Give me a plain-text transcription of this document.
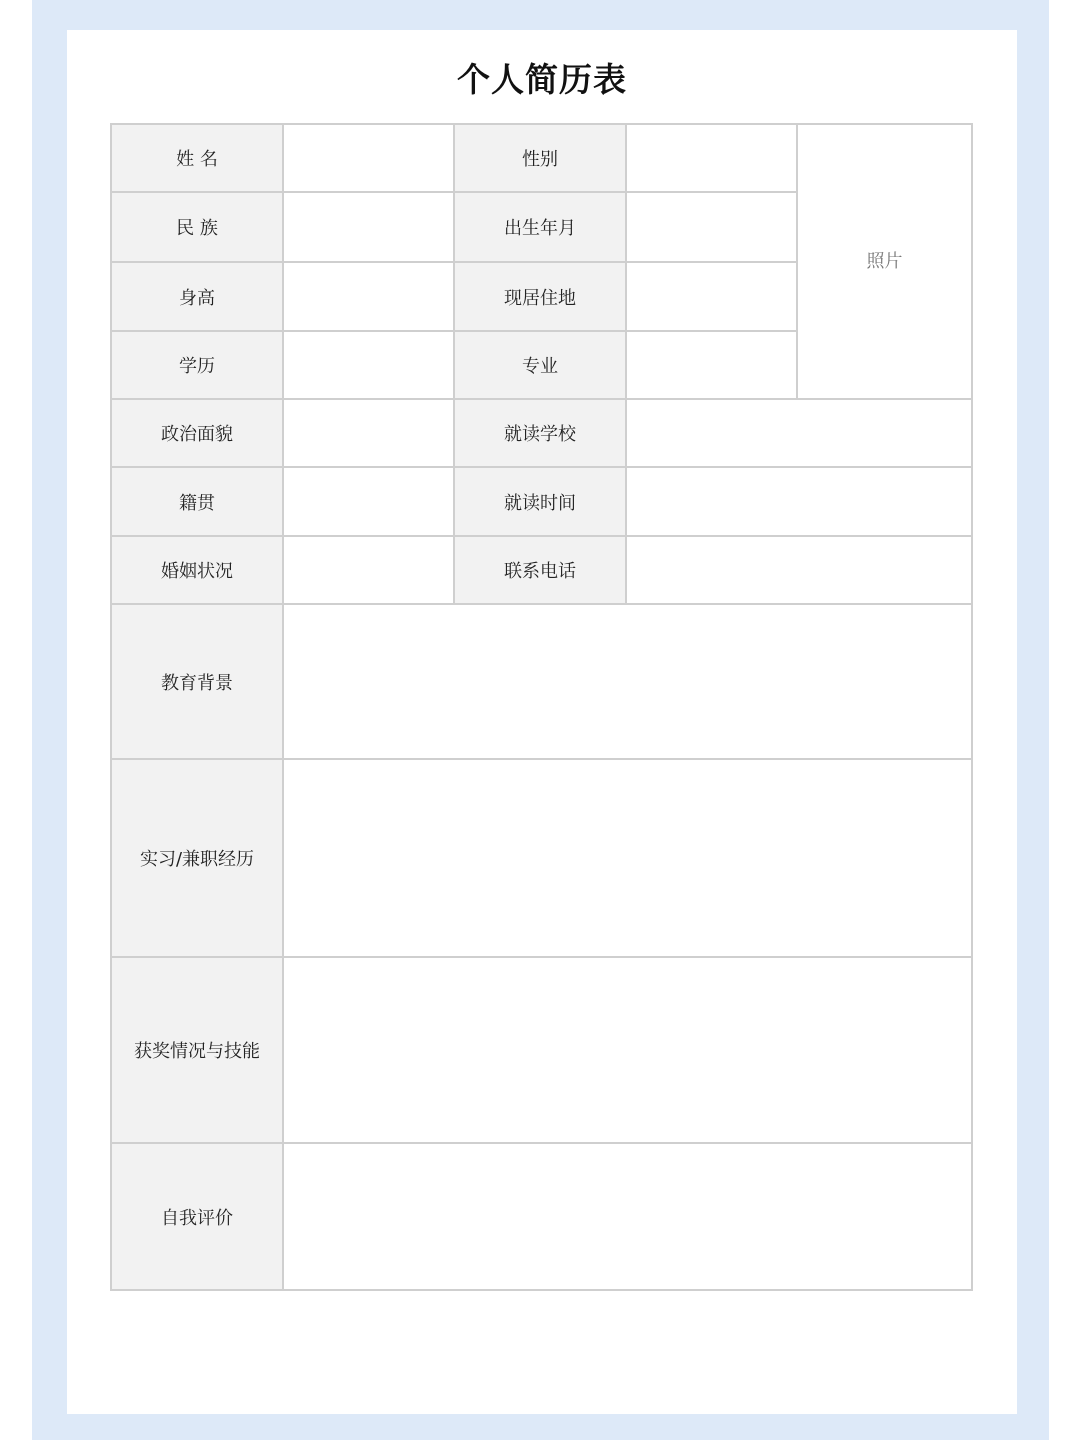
个人简历表
姓 名		性别		照片
民 族		出生年月		
身高		现居住地		
学历		专业		
政治面貌		就读学校		
籍贯		就读时间		
婚姻状况		联系电话		
教育背景				
实习/兼职经历				
获奖情况与技能				
自我评价				
